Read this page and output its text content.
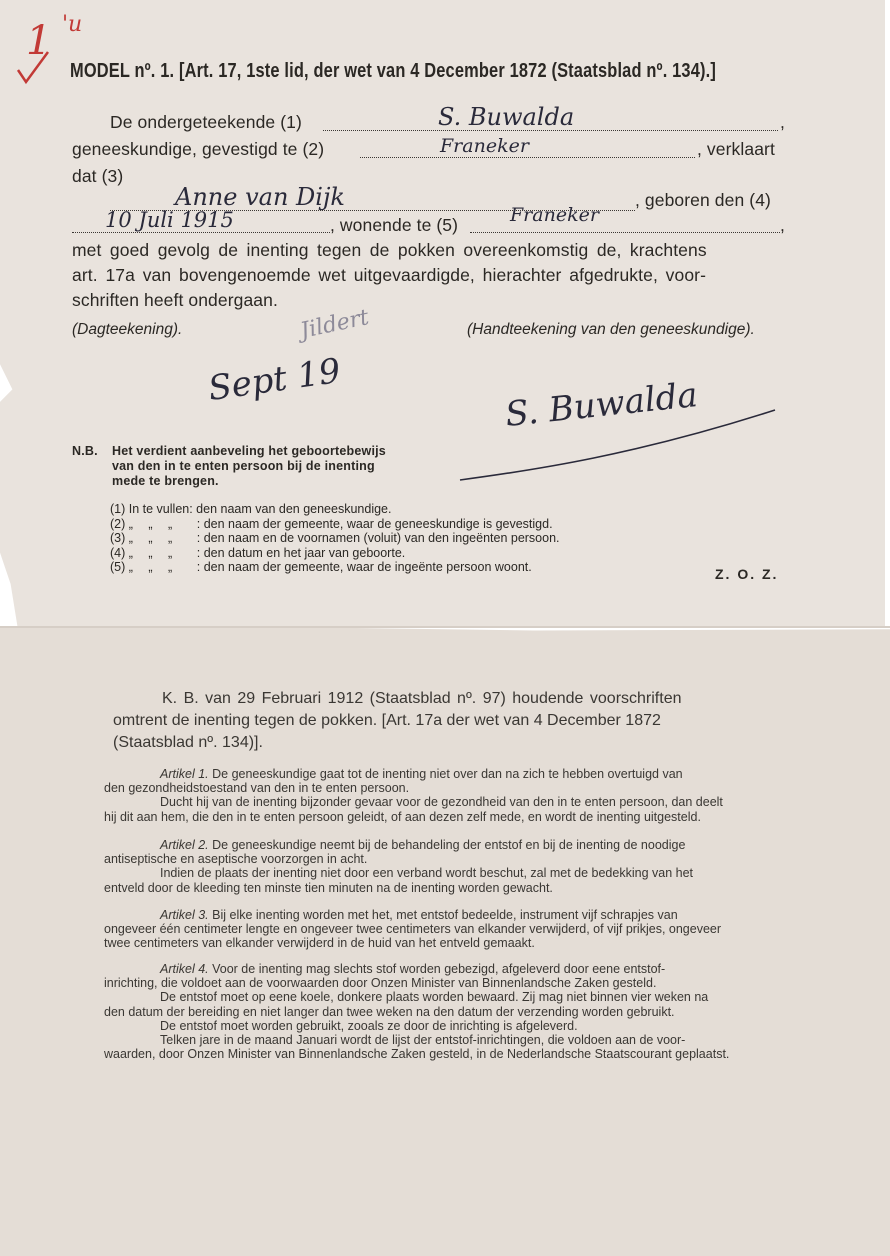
1 'u
MODEL nº. 1. [Art. 17, 1ste lid, der wet van 4 December 1872 (Staatsblad nº. 134).]
De ondergeteekende (1)	,
S. Buwalda
geneeskundige, gevestigd te (2)	, verklaart
Franeker
dat (3)
Anne van Dijk	, geboren den (4)
10 Juli 1915	, wonende te (5)	Franeker	,
met goed gevolg de inenting tegen de pokken overeenkomstig de, krachtens
art. 17a van bovengenoemde wet uitgevaardigde, hierachter afgedrukte, voor-
schriften heeft ondergaan.
(Dagteekening).	(Handteekening van den geneeskundige).
Jildert
Sept 19	S. Buwalda
N.B. Het verdient aanbeveling het geboortebewijs
van den in te enten persoon bij de inenting
mede te brengen.
(1) In te vullen: den naam van den geneeskundige.
(2) „ „ „ : den naam der gemeente, waar de geneeskundige is gevestigd.
(3) „ „ „ : den naam en de voornamen (voluit) van den ingeënten persoon.
(4) „ „ „ : den datum en het jaar van geboorte.
(5) „ „ „ : den naam der gemeente, waar de ingeënte persoon woont.	Z. O. Z.
K. B. van 29 Februari 1912 (Staatsblad nº. 97) houdende voorschriften
omtrent de inenting tegen de pokken. [Art. 17a der wet van 4 December 1872
(Staatsblad nº. 134)].
Artikel 1. De geneeskundige gaat tot de inenting niet over dan na zich te hebben overtuigd van
den gezondheidstoestand van den in te enten persoon.
Ducht hij van de inenting bijzonder gevaar voor de gezondheid van den in te enten persoon, dan deelt
hij dit aan hem, die den in te enten persoon geleidt, of aan dezen zelf mede, en wordt de inenting uitgesteld.
Artikel 2. De geneeskundige neemt bij de behandeling der entstof en bij de inenting de noodige
antiseptische en aseptische voorzorgen in acht.
Indien de plaats der inenting niet door een verband wordt beschut, zal met de bedekking van het
entveld door de kleeding ten minste tien minuten na de inenting worden gewacht.
Artikel 3. Bij elke inenting worden met het, met entstof bedeelde, instrument vijf schrapjes van
ongeveer één centimeter lengte en ongeveer twee centimeters van elkander verwijderd, of vijf prikjes, ongeveer
twee centimeters van elkander verwijderd in de huid van het entveld gemaakt.
Artikel 4. Voor de inenting mag slechts stof worden gebezigd, afgeleverd door eene entstof-
inrichting, die voldoet aan de voorwaarden door Onzen Minister van Binnenlandsche Zaken gesteld.
De entstof moet op eene koele, donkere plaats worden bewaard. Zij mag niet binnen vier weken na
den datum der bereiding en niet langer dan twee weken na den datum der verzending worden gebruikt.
De entstof moet worden gebruikt, zooals ze door de inrichting is afgeleverd.
Telken jare in de maand Januari wordt de lijst der entstof-inrichtingen, die voldoen aan de voor-
waarden, door Onzen Minister van Binnenlandsche Zaken gesteld, in de Nederlandsche Staatscourant geplaatst.
